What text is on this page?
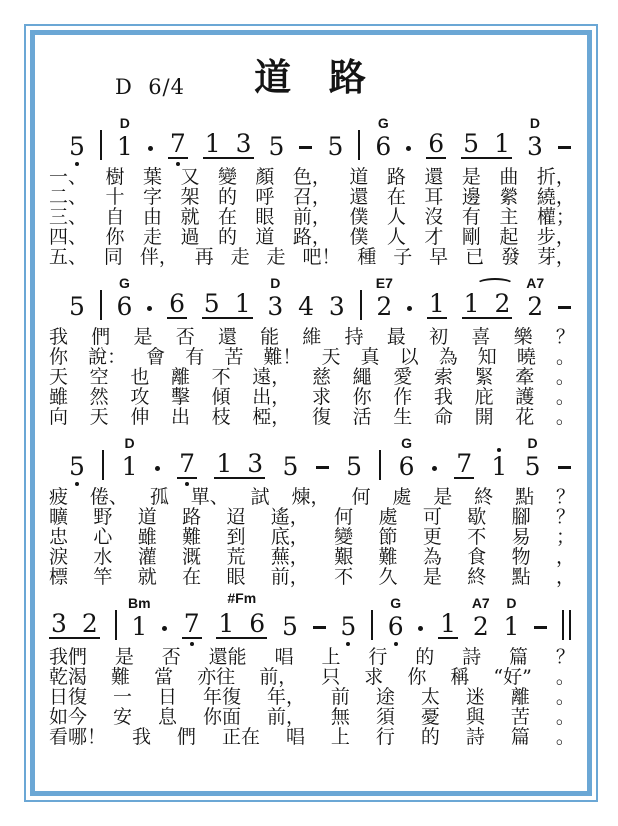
D  6/4	道  路
5
D
1 7 1 3 5 5
G
6 6 5 1
D
3
一、 樹 葉 又 變 顏 色， 道 路 還 是 曲 折，
二、 十 字 架 的 呼 召， 還 在 耳 邊 縈 繞，
三、 自 由 就 在 眼 前， 僕 人 沒 有 主 權；
四、 你 走 過 的 道 路， 僕 人 才 剛 起 步，
五、 同 伴， 再 走 走 吧！ 種 子 早 已 發 芽，
5
G
6 6 5 1
D
3 4 3
E7
2 1 1 2
A7
2
我 們 是 否 還 能 維 持 最 初 喜 樂 ？
你 說： 會 有 苦 難！ 天 真 以 為 知 曉 。
天 空 也 離 不 遠， 慈 繩 愛 索 緊 牽 。
雖 然 攻 擊 傾 出， 求 你 作 我 庇 護 。
向 天 伸 出 枝 椏， 復 活 生 命 開 花 。
5
D
1 7 1 3 5 5
G
6 7 1
D
5
疲 倦、 孤 單、 試 煉， 何 處 是 終 點 ？
曠 野 道 路 迢 遙， 何 處 可 歇 腳 ？
忠 心 雖 難 到 底， 變 節 更 不 易 ；
淚 水 灌 溉 荒 蕪， 艱 難 為 食 物 ，
標 竿 就 在 眼 前， 不 久 是 終 點 ，
3 2
Bm
1 7
#Fm
1 6 5 5
G
6 1
A7
2
D
1
我們 是 否 還能 唱 上 行 的 詩 篇 ？
乾渴 難 當 亦往 前， 只 求 你 稱 “好” 。
日復 一 日 年復 年， 前 途 太 迷 離 。
如今 安 息 你面 前， 無 須 憂 與 苦 。
看哪！ 我 們 正在 唱 上 行 的 詩 篇 。
